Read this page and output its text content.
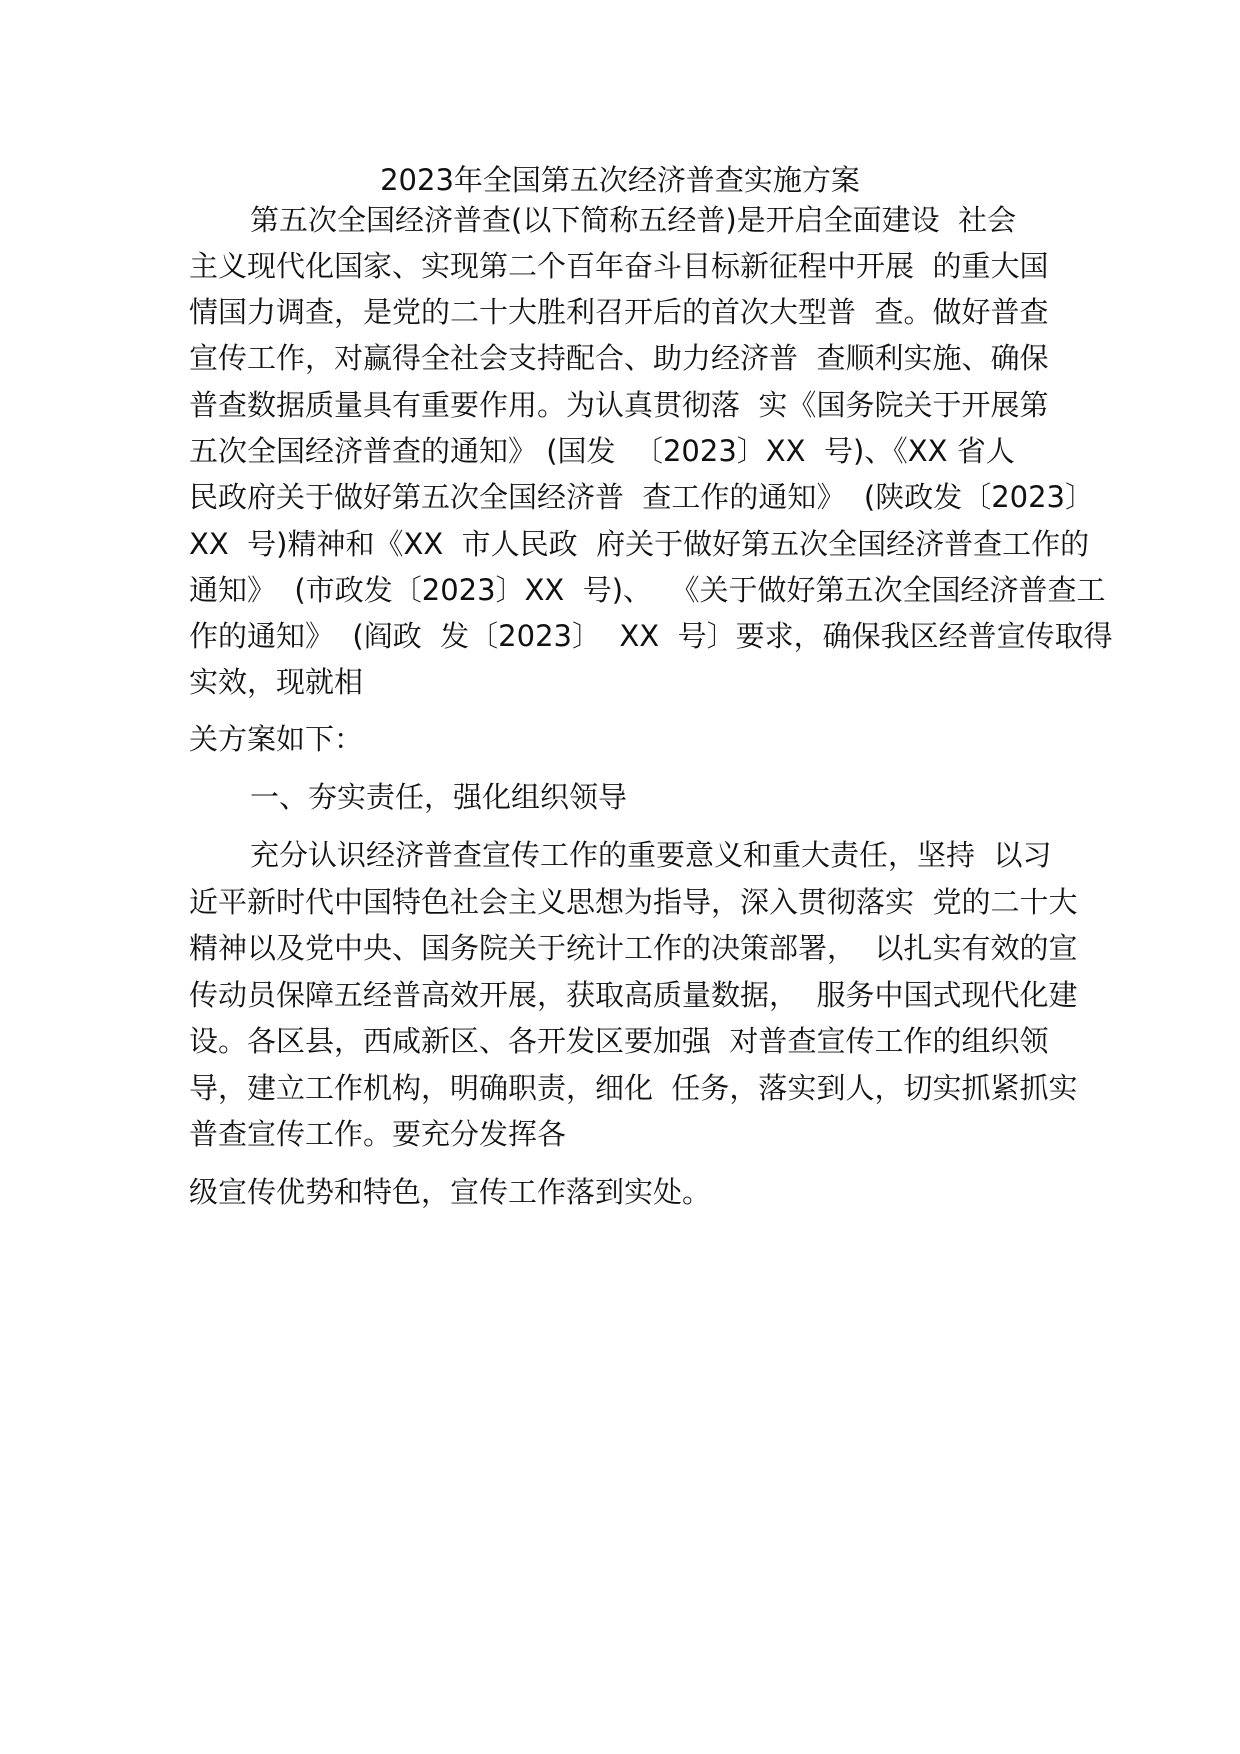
2023年全国第五次经济普查实施方案
第五次全国经济普查(以下简称五经普)是开启全面建设  社会
主义现代化国家、实现第二个百年奋斗目标新征程中开展  的重大国
情国力调查，是党的二十大胜利召开后的首次大型普  查。做好普查
宣传工作，对赢得全社会支持配合、助力经济普  查顺利实施、确保
普查数据质量具有重要作用。为认真贯彻落  实《国务院关于开展第
五次全国经济普查的通知》 (国发  〔2023〕XX  号)、《XX 省人
民政府关于做好第五次全国经济普  查工作的通知》  (陕政发〔2023〕
XX  号)精神和《XX  市人民政  府关于做好第五次全国经济普查工作的
通知》  (市政发〔2023〕XX  号)、  《关于做好第五次全国经济普查工
作的通知》  (阎政  发〔2023〕  XX  号〕要求，确保我区经普宣传取得
实效，现就相
关方案如下：
一、夯实责任，强化组织领导
充分认识经济普查宣传工作的重要意义和重大责任，坚持  以习
近平新时代中国特色社会主义思想为指导，深入贯彻落实  党的二十大
精神以及党中央、国务院关于统计工作的决策部署，  以扎实有效的宣
传动员保障五经普高效开展，获取高质量数据，  服务中国式现代化建
设。各区县，西咸新区、各开发区要加强  对普查宣传工作的组织领
导，建立工作机构，明确职责，细化  任务，落实到人，切实抓紧抓实
普查宣传工作。要充分发挥各
级宣传优势和特色，宣传工作落到实处。
